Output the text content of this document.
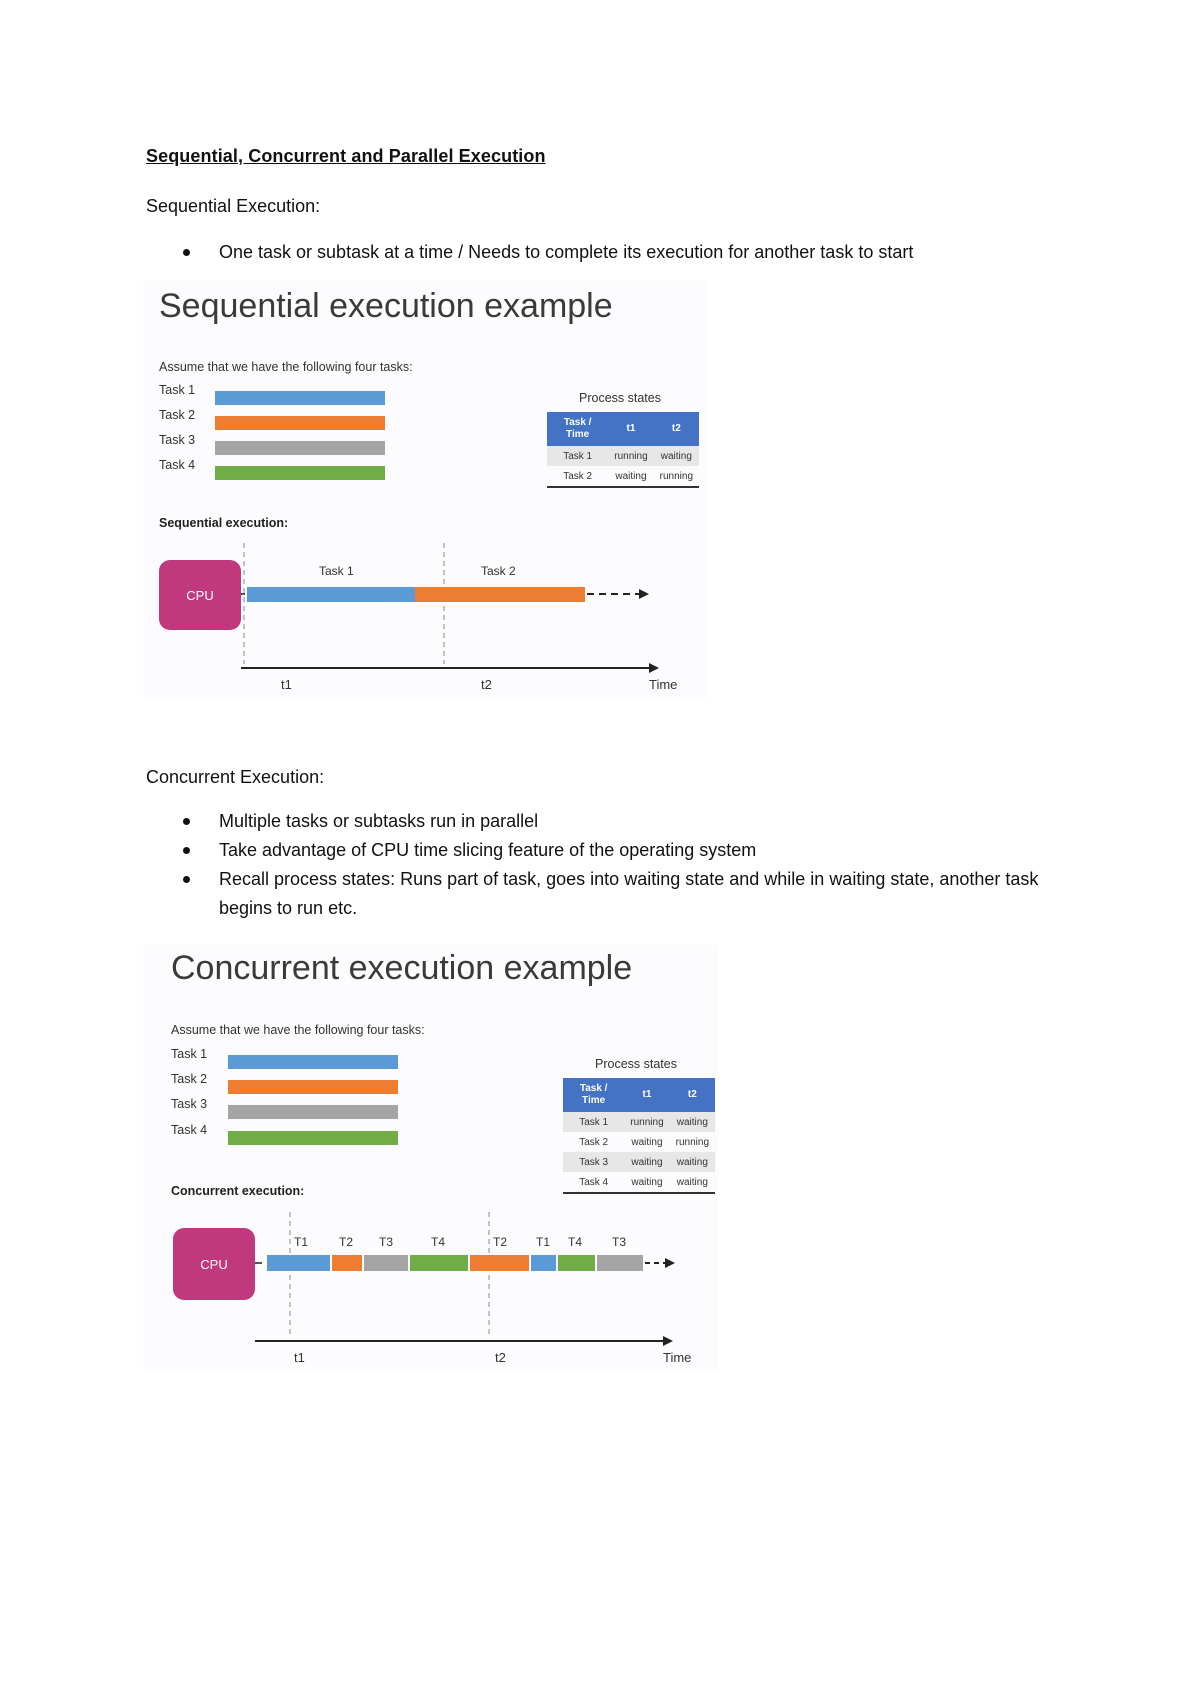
Sequential, Concurrent and Parallel Execution

Sequential Execution:

One task or subtask at a time / Needs to complete its execution for another task to start
Sequential execution example
Assume that we have the following four tasks:
Task 1
Task 2
Task 3
Task 4
Process states
Task / Time	t1	t2
Task 1	running	waiting
Task 2	waiting	running
Sequential execution:
CPU
Task 1	Task 2
t1	t2	Time

Concurrent Execution:

Multiple tasks or subtasks run in parallel
Take advantage of CPU time slicing feature of the operating system
Recall process states: Runs part of task, goes into waiting state and while in waiting state, another task begins to run etc.
Concurrent execution example
Assume that we have the following four tasks:
Task 1
Task 2
Task 3
Task 4
Process states
Task / Time	t1	t2
Task 1	running	waiting
Task 2	waiting	running
Task 3	waiting	waiting
Task 4	waiting	waiting
Concurrent execution:
CPU
T1	T2 T3	T4	T2 T1 T4 T3
t1	t2	Time
